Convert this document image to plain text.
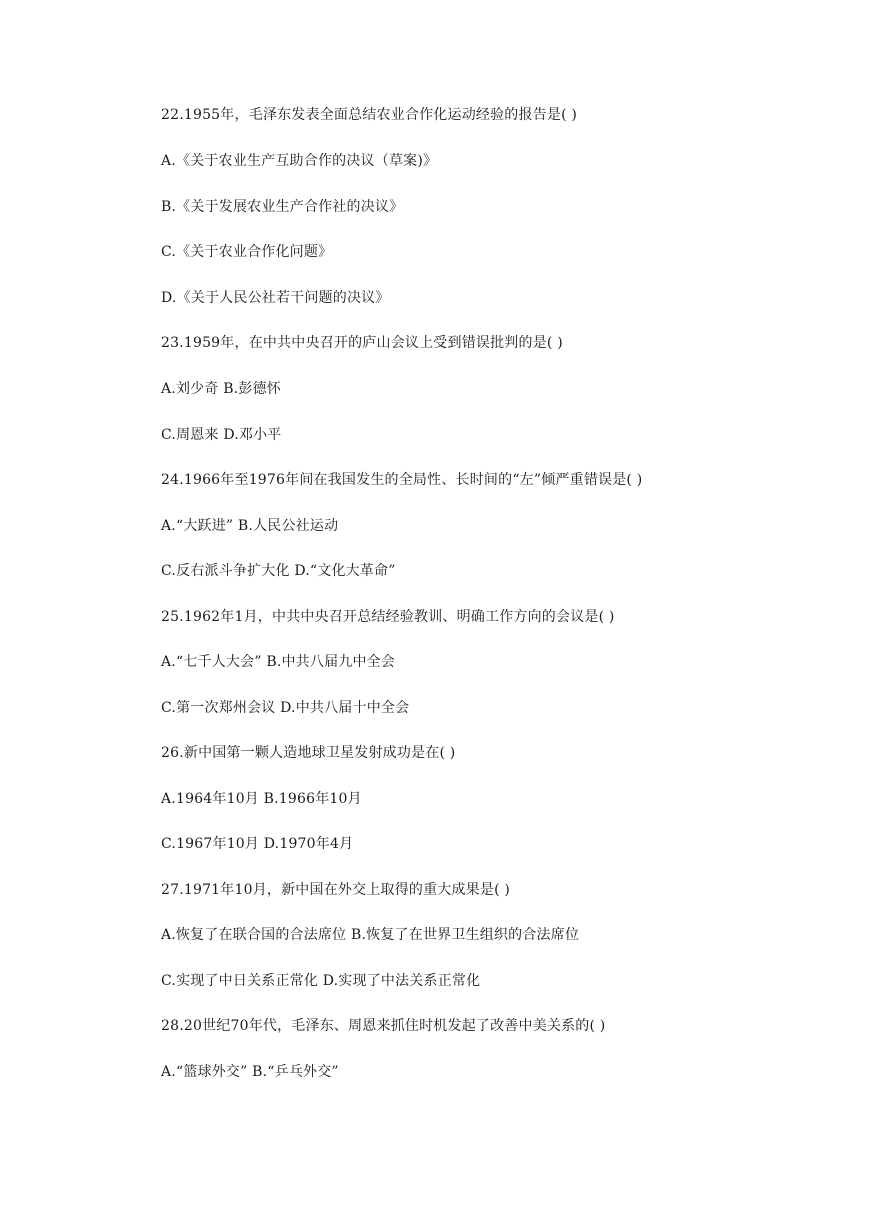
22.1955年，毛泽东发表全面总结农业合作化运动经验的报告是( )

A.《关于农业生产互助合作的决议（草案)》

B.《关于发展农业生产合作社的决议》

C.《关于农业合作化问题》

D.《关于人民公社若干问题的决议》

23.1959年，在中共中央召开的庐山会议上受到错误批判的是( )

A.刘少奇 B.彭德怀

C.周恩来 D.邓小平

24.1966年至1976年间在我国发生的全局性、长时间的“左”倾严重错误是( )

A.“大跃进” B.人民公社运动

C.反右派斗争扩大化 D.“文化大革命”

25.1962年1月，中共中央召开总结经验教训、明确工作方向的会议是( )

A.“七千人大会” B.中共八届九中全会

C.第一次郑州会议 D.中共八届十中全会

26.新中国第一颗人造地球卫星发射成功是在( )

A.1964年10月 B.1966年10月

C.1967年10月 D.1970年4月

27.1971年10月，新中国在外交上取得的重大成果是( )

A.恢复了在联合国的合法席位 B.恢复了在世界卫生组织的合法席位

C.实现了中日关系正常化 D.实现了中法关系正常化

28.20世纪70年代，毛泽东、周恩来抓住时机发起了改善中美关系的( )

A.“篮球外交” B.“乒乓外交”
